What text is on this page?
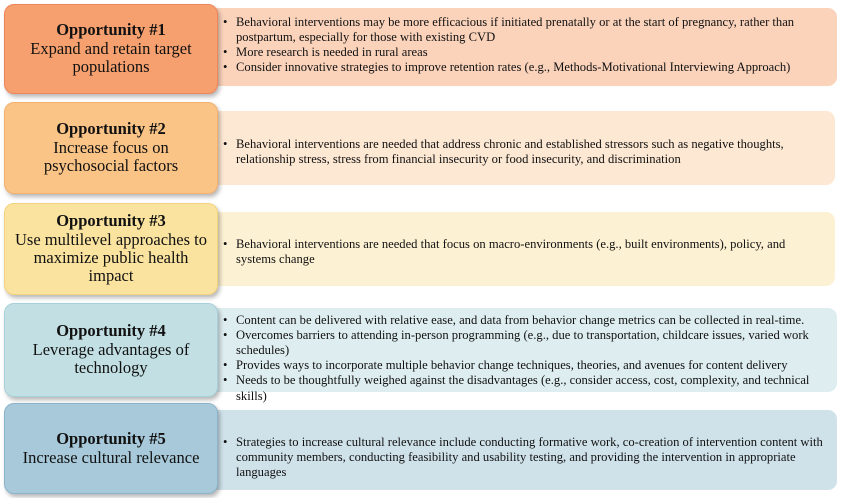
Opportunity #1
Expand and retain target populations
• Behavioral interventions may be more efficacious if initiated prenatally or at the start of pregnancy, rather than postpartum, especially for those with existing CVD
• More research is needed in rural areas
• Consider innovative strategies to improve retention rates (e.g., Methods-Motivational Interviewing Approach)
Opportunity #2
Increase focus on psychosocial factors
• Behavioral interventions are needed that address chronic and established stressors such as negative thoughts, relationship stress, stress from financial insecurity or food insecurity, and discrimination
Opportunity #3
Use multilevel approaches to maximize public health impact
• Behavioral interventions are needed that focus on macro-environments (e.g., built environments), policy, and systems change
Opportunity #4
Leverage advantages of technology
• Content can be delivered with relative ease, and data from behavior change metrics can be collected in real-time.
• Overcomes barriers to attending in-person programming (e.g., due to transportation, childcare issues, varied work schedules)
• Provides ways to incorporate multiple behavior change techniques, theories, and avenues for content delivery
• Needs to be thoughtfully weighed against the disadvantages (e.g., consider access, cost, complexity, and technical skills)
Opportunity #5
Increase cultural relevance
• Strategies to increase cultural relevance include conducting formative work, co-creation of intervention content with community members, conducting feasibility and usability testing, and providing the intervention in appropriate languages
